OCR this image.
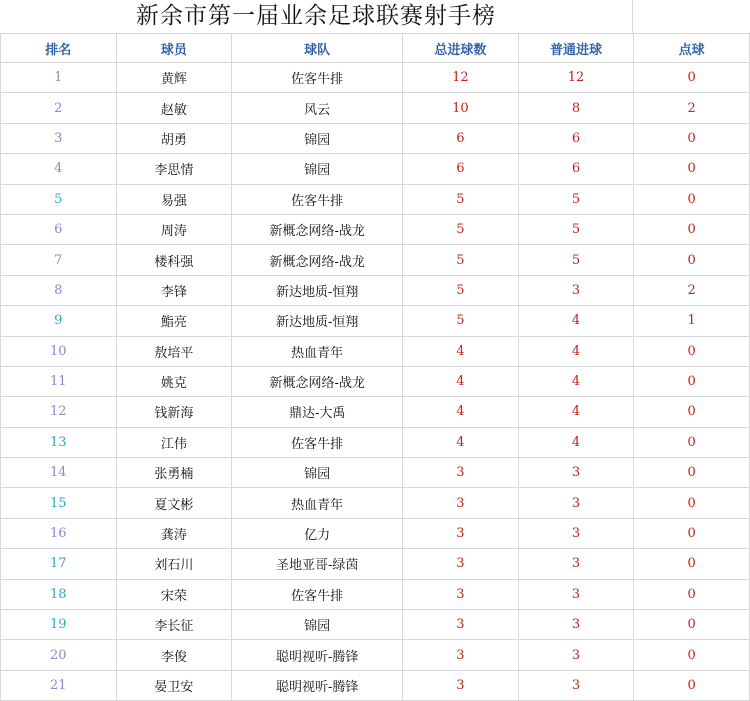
新余市第一届业余足球联赛射手榜
排名	球员	球队	总进球数	普通进球	点球
1	黄辉	佐客牛排	12	12	0
2	赵敏	风云	10	8	2
3	胡勇	锦园	6	6	0
4	李思情	锦园	6	6	0
5	易强	佐客牛排	5	5	0
6	周涛	新概念网络-战龙	5	5	0
7	楼科强	新概念网络-战龙	5	5	0
8	李锋	新达地质-恒翔	5	3	2
9	鮨亮	新达地质-恒翔	5	4	1
10	敖培平	热血青年	4	4	0
11	姚克	新概念网络-战龙	4	4	0
12	钱新海	鼎达-大禹	4	4	0
13	江伟	佐客牛排	4	4	0
14	张勇楠	锦园	3	3	0
15	夏文彬	热血青年	3	3	0
16	龚涛	亿力	3	3	0
17	刘石川	圣地亚哥-绿茵	3	3	0
18	宋荣	佐客牛排	3	3	0
19	李长征	锦园	3	3	0
20	李俊	聪明视听-腾锋	3	3	0
21	晏卫安	聪明视听-腾锋	3	3	0
